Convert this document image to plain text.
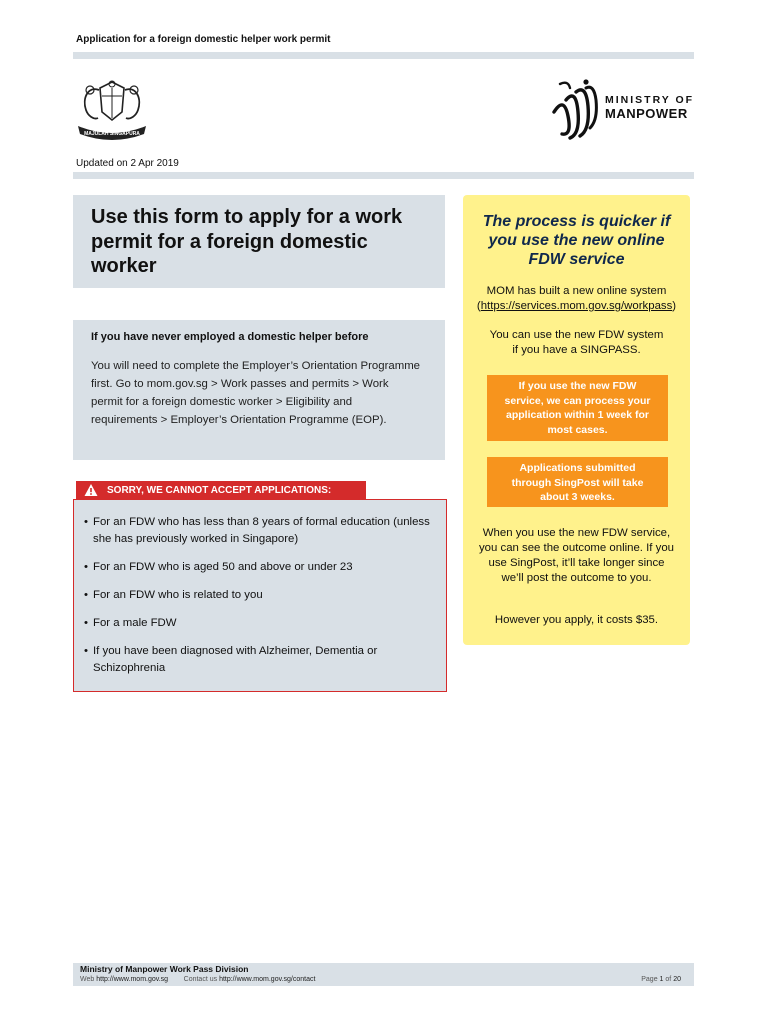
Application for a foreign domestic helper work permit
MAJULAH SINGAPURA
MINISTRY OF
MANPOWER
Updated on 2 Apr 2019
Use this form to apply for a work permit for a foreign domestic worker
If you have never employed a domestic helper before
You will need to complete the Employer’s Orientation Programme first. Go to mom.gov.sg > Work passes and permits > Work permit for a foreign domestic worker > Eligibility and requirements > Employer’s Orientation Programme (EOP).
SORRY, WE CANNOT ACCEPT APPLICATIONS:
• For an FDW who has less than 8 years of formal education (unless she has previously worked in Singapore)
• For an FDW who is aged 50 and above or under 23
• For an FDW who is related to you
• For a male FDW
• If you have been diagnosed with Alzheimer, Dementia or Schizophrenia
The process is quicker if you use the new online FDW service
MOM has built a new online system
(https://services.mom.gov.sg/workpass)
You can use the new FDW system if you have a SINGPASS.
If you use the new FDW service, we can process your application within 1 week for most cases.
Applications submitted through SingPost will take about 3 weeks.
When you use the new FDW service, you can see the outcome online. If you use SingPost, it’ll take longer since we’ll post the outcome to you.
However you apply, it costs $35.
Ministry of Manpower Work Pass Division
Web http://www.mom.gov.sg Contact us http://www.mom.gov.sg/contact	Page 1 of 20
